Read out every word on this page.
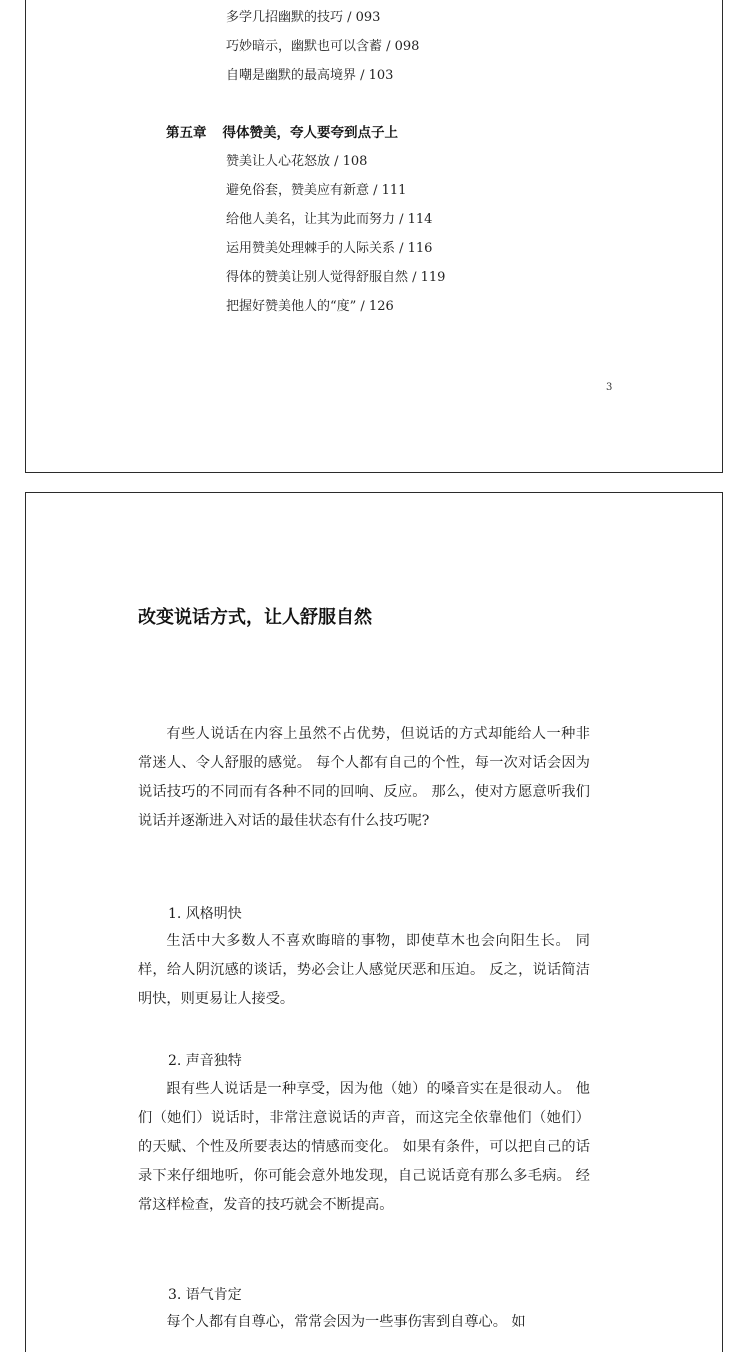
多学几招幽默的技巧 / 093
巧妙暗示，幽默也可以含蓄 / 098
自嘲是幽默的最高境界 / 103
第五章 得体赞美，夸人要夸到点子上
赞美让人心花怒放 / 108
避免俗套，赞美应有新意 / 111
给他人美名，让其为此而努力 / 114
运用赞美处理棘手的人际关系 / 116
得体的赞美让别人觉得舒服自然 / 119
把握好赞美他人的“度” / 126
3
改变说话方式，让人舒服自然

有些人说话在内容上虽然不占优势，但说话的方式却能给人一种非常迷人、令人舒服的感觉。 每个人都有自己的个性，每一次对话会因为说话技巧的不同而有各种不同的回响、反应。 那么，使对方愿意听我们说话并逐渐进入对话的最佳状态有什么技巧呢?

1. 风格明快

生活中大多数人不喜欢晦暗的事物，即使草木也会向阳生长。 同样，给人阴沉感的谈话，势必会让人感觉厌恶和压迫。 反之，说话简洁明快，则更易让人接受。

2. 声音独特

跟有些人说话是一种享受，因为他（她）的嗓音实在是很动人。 他们（她们）说话时，非常注意说话的声音，而这完全依靠他们（她们）的天赋、个性及所要表达的情感而变化。 如果有条件，可以把自己的话录下来仔细地听，你可能会意外地发现，自己说话竟有那么多毛病。 经常这样检查，发音的技巧就会不断提高。

3. 语气肯定

每个人都有自尊心，常常会因为一些事伤害到自尊心。 如
